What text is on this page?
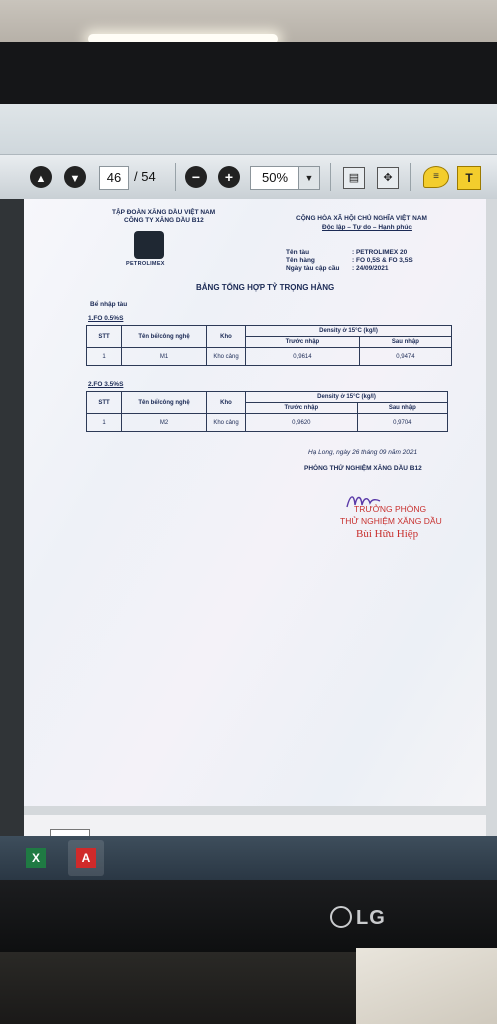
▲	▼	46 / 54	−	+	50%	▼	▤	✥	≡	T
TẬP ĐOÀN XĂNG DẦU VIỆT NAM
CÔNG TY XĂNG DẦU B12	CỘNG HÒA XÃ HỘI CHỦ NGHĨA VIỆT NAM
Độc lập – Tự do – Hạnh phúc
PETROLIMEX
Tên tàu	: PETROLIMEX 20
Tên hàng	: FO 0,5S & FO 3,5S
Ngày tàu cập cầu : 24/09/2021
BẢNG TỔNG HỢP TỶ TRỌNG HÀNG
Bể nhập tàu
1.FO 0.5%S
STT	Tên bể/công nghệ	Kho	Density ở 15°C (kg/l)	
			Trước nhập	Sau nhập
1	M1	Kho cảng	0,9614	0,9474
2.FO 3.5%S
STT	Tên bể/công nghệ	Kho	Density ở 15°C (kg/l)	
			Trước nhập	Sau nhập
1	M2	Kho cảng	0,9620	0,9704
Hạ Long, ngày 26 tháng 09 năm 2021
PHÒNG THỬ NGHIỆM XĂNG DẦU B12
TRƯỞNG PHÒNG
THỬ NGHIỆM XĂNG DẦU
Bùi Hữu Hiệp
X	A
LG
